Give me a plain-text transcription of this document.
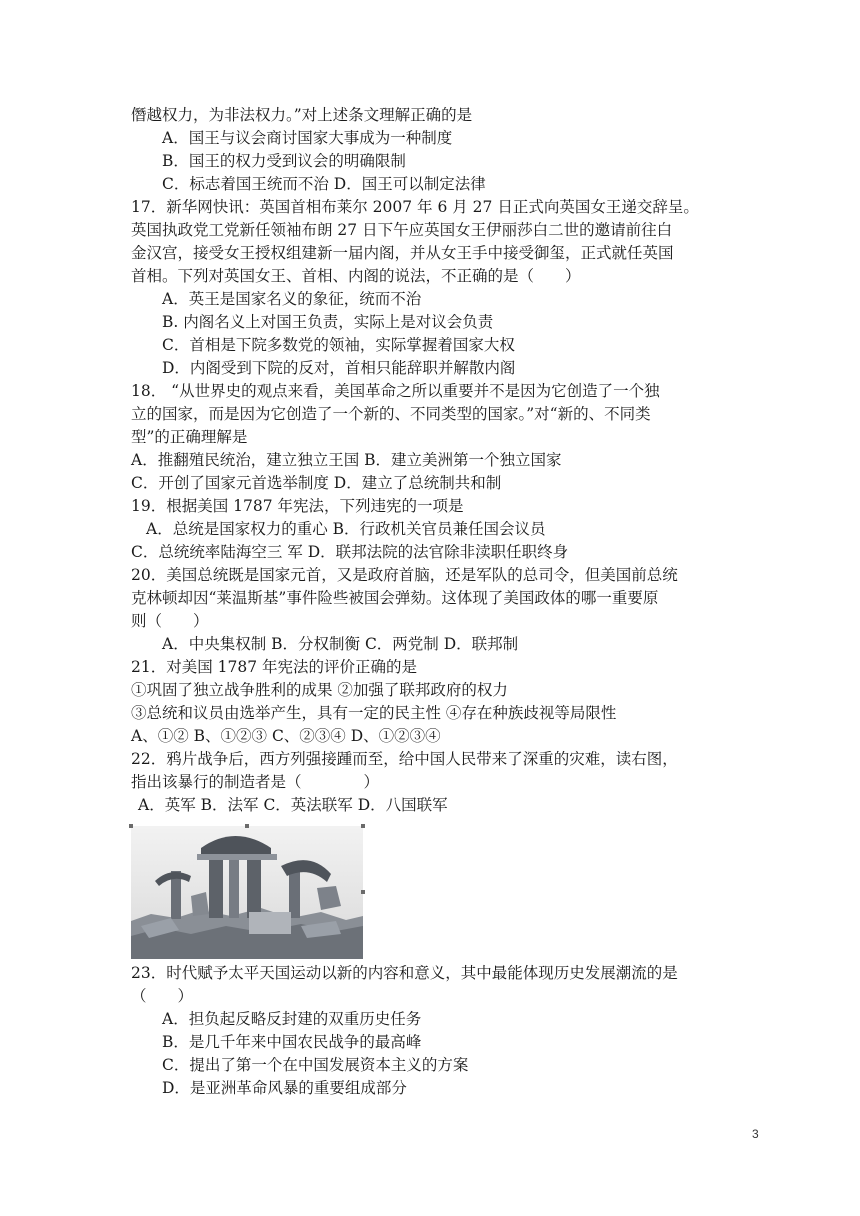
僭越权力，为非法权力。”对上述条文理解正确的是
A．国王与议会商讨国家大事成为一种制度
B．国王的权力受到议会的明确限制
C．标志着国王统而不治 D．国王可以制定法律
17．新华网快讯：英国首相布莱尔 2007 年 6 月 27 日正式向英国女王递交辞呈。
英国执政党工党新任领袖布朗 27 日下午应英国女王伊丽莎白二世的邀请前往白
金汉宫，接受女王授权组建新一届内阁，并从女王手中接受御玺，正式就任英国
首相。下列对英国女王、首相、内阁的说法，不正确的是（　　）
A．英王是国家名义的象征，统而不治
B. 内阁名义上对国王负责，实际上是对议会负责
C．首相是下院多数党的领袖，实际掌握着国家大权
D．内阁受到下院的反对，首相只能辞职并解散内阁
18． “从世界史的观点来看，美国革命之所以重要并不是因为它创造了一个独
立的国家，而是因为它创造了一个新的、不同类型的国家。”对“新的、不同类
型”的正确理解是
A．推翻殖民统治，建立独立王国 B．建立美洲第一个独立国家
C．开创了国家元首选举制度 D．建立了总统制共和制
19．根据美国 1787 年宪法，下列违宪的一项是
A．总统是国家权力的重心 B．行政机关官员兼任国会议员
C．总统统率陆海空三 军 D．联邦法院的法官除非渎职任职终身
20．美国总统既是国家元首，又是政府首脑，还是军队的总司令，但美国前总统
克林顿却因“莱温斯基”事件险些被国会弹劾。这体现了美国政体的哪一重要原
则（　　）
A．中央集权制 B．分权制衡 C．两党制 D．联邦制
21．对美国 1787 年宪法的评价正确的是
①巩固了独立战争胜利的成果 ②加强了联邦政府的权力
③总统和议员由选举产生，具有一定的民主性 ④存在种族歧视等局限性
A、①② B、①②③ C、②③④ D、①②③④
22．鸦片战争后，西方列强接踵而至，给中国人民带来了深重的灾难，读右图，
指出该暴行的制造者是（　　　　）
A．英军 B．法军 C．英法联军 D．八国联军
23．时代赋予太平天国运动以新的内容和意义，其中最能体现历史发展潮流的是
（　　）
A．担负起反略反封建的双重历史任务
B．是几千年来中国农民战争的最高峰
C．提出了第一个在中国发展资本主义的方案
D．是亚洲革命风暴的重要组成部分
3
